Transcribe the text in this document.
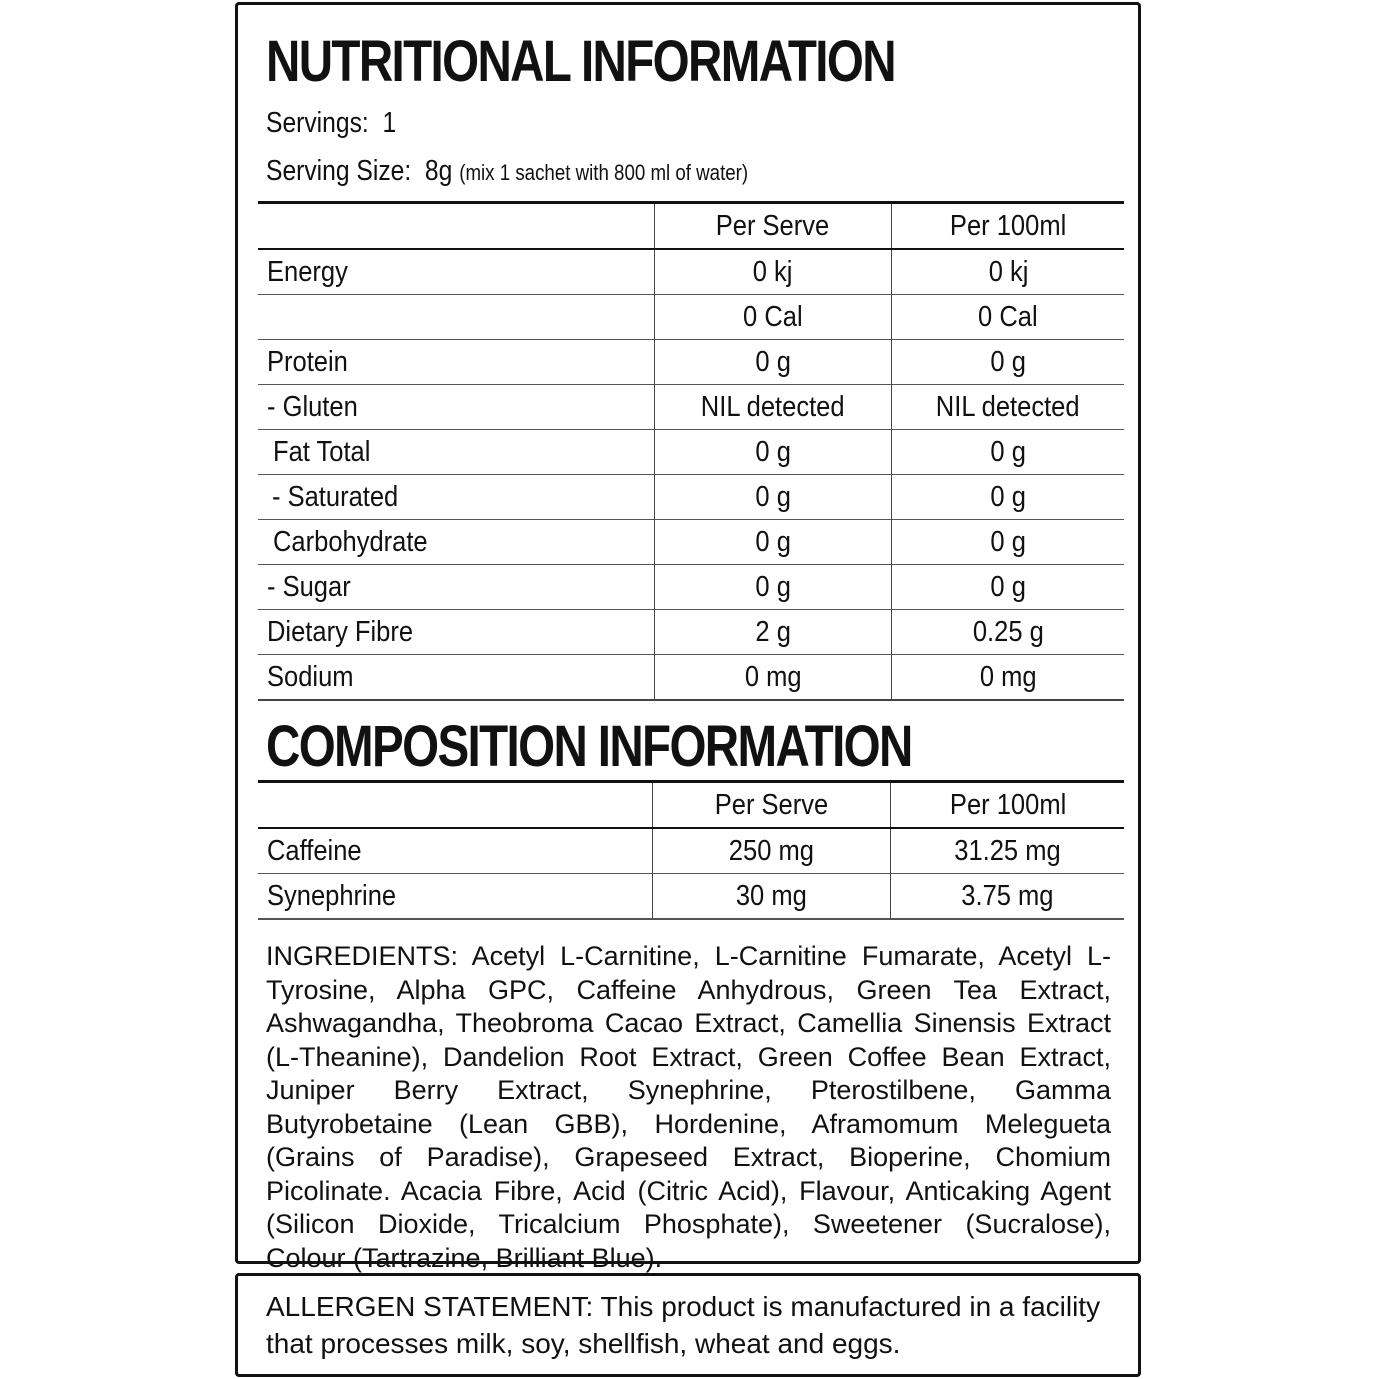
NUTRITIONAL INFORMATION
Servings: 1
Serving Size: 8g (mix 1 sachet with 800 ml of water)
	Per Serve	Per 100ml
Energy	0 kj	0 kj
	0 Cal	0 Cal
Protein	0 g	0 g
- Gluten	NIL detected	NIL detected
Fat Total	0 g	0 g
- Saturated	0 g	0 g
Carbohydrate	0 g	0 g
- Sugar	0 g	0 g
Dietary Fibre	2 g	0.25 g
Sodium	0 mg	0 mg
COMPOSITION INFORMATION
	Per Serve	Per 100ml
Caffeine	250 mg	31.25 mg
Synephrine	30 mg	3.75 mg
INGREDIENTS: Acetyl L-Carnitine, L-Carnitine Fumarate, Acetyl L-Tyrosine, Alpha GPC, Caffeine Anhydrous, Green Tea Extract, Ashwagandha, Theobroma Cacao Extract, Camellia Sinensis Extract (L-Theanine), Dandelion Root Extract, Green Coffee Bean Extract, Juniper Berry Extract, Synephrine, Pterostilbene, Gamma Butyrobetaine (Lean GBB), Hordenine, Aframomum Melegueta (Grains of Paradise), Grapeseed Extract, Bioperine, Chomium Picolinate. Acacia Fibre, Acid (Citric Acid), Flavour, Anticaking Agent (Silicon Dioxide, Tricalcium Phosphate), Sweetener (Sucralose), Colour (Tartrazine, Brilliant Blue).
ALLERGEN STATEMENT: This product is manufactured in a facility that processes milk, soy, shellfish, wheat and eggs.
